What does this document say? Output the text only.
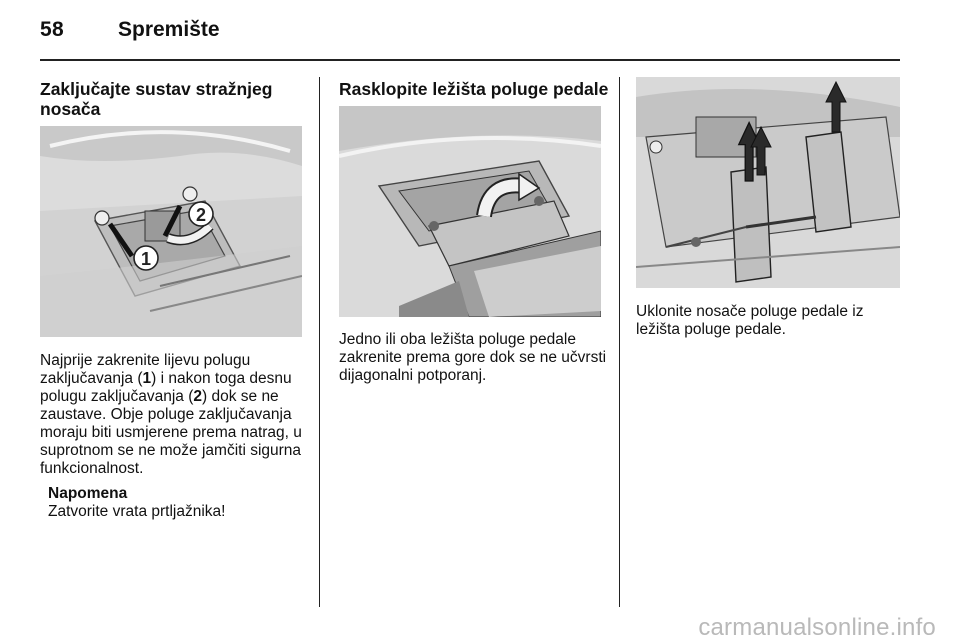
58	Spremište
Zaključajte sustav stražnjeg nosača
1
2
Najprije zakrenite lijevu polugu zaključavanja (1) i nakon toga desnu polugu zaključavanja (2) dok se ne zaustave. Obje poluge zaključavanja moraju biti usmjerene prema natrag, u suprotnom se ne može jamčiti sigurna funkcionalnost.
Napomena
Zatvorite vrata prtljažnika!
Rasklopite ležišta poluge pedale
Jedno ili oba ležišta poluge pedale zakrenite prema gore dok se ne učvrsti dijagonalni potporanj.
Uklonite nosače poluge pedale iz ležišta poluge pedale.
carmanualsonline.info
